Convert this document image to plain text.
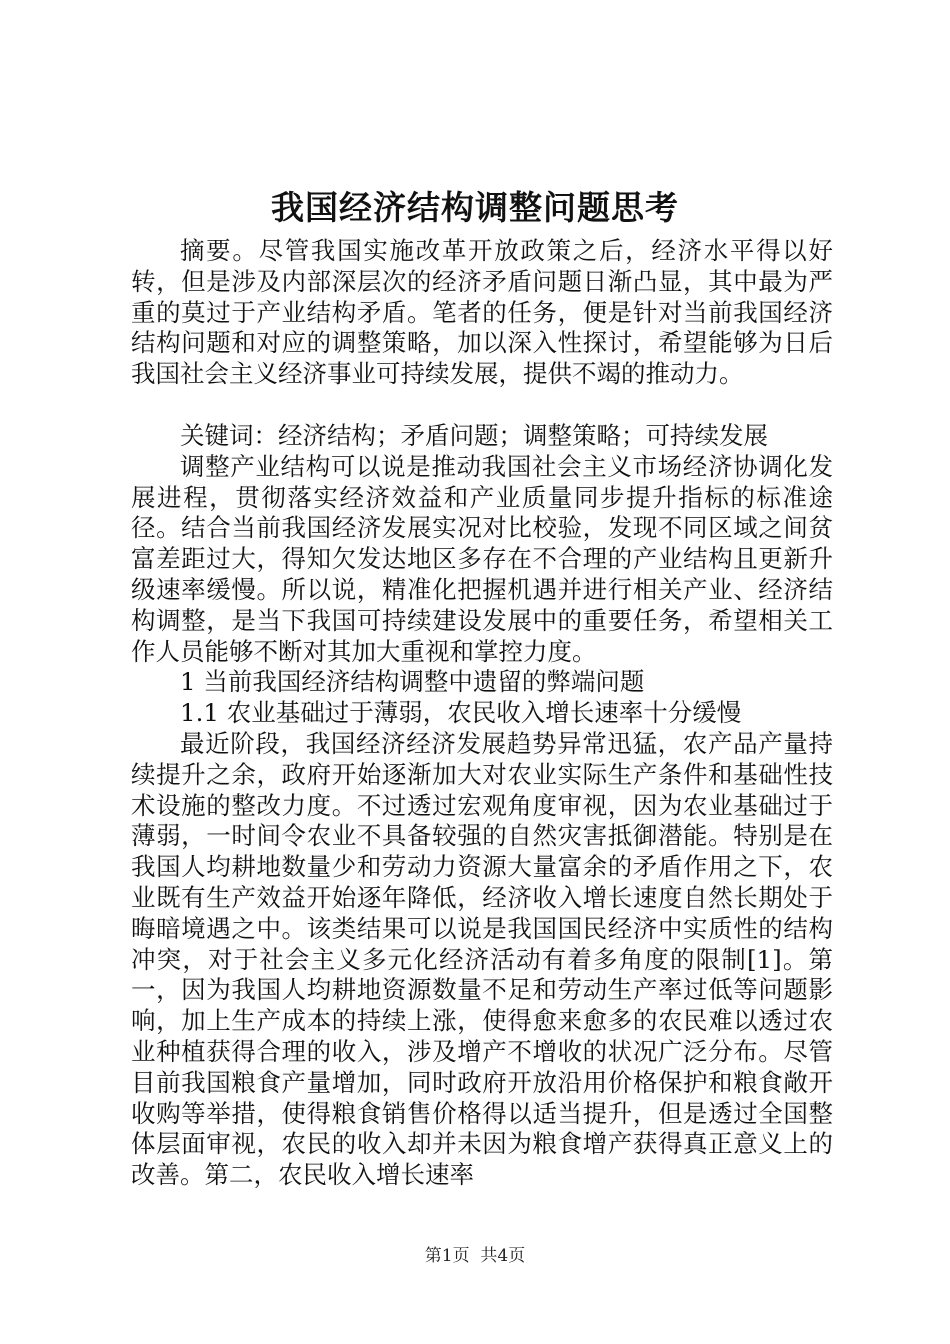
我国经济结构调整问题思考

摘要。尽管我国实施改革开放政策之后，经济水平得以好转，但是涉及内部深层次的经济矛盾问题日渐凸显，其中最为严重的莫过于产业结构矛盾。笔者的任务，便是针对当前我国经济结构问题和对应的调整策略，加以深入性探讨，希望能够为日后我国社会主义经济事业可持续发展，提供不竭的推动力。

关键词：经济结构；矛盾问题；调整策略；可持续发展

调整产业结构可以说是推动我国社会主义市场经济协调化发展进程，贯彻落实经济效益和产业质量同步提升指标的标准途径。结合当前我国经济发展实况对比校验，发现不同区域之间贫富差距过大，得知欠发达地区多存在不合理的产业结构且更新升级速率缓慢。所以说，精准化把握机遇并进行相关产业、经济结构调整，是当下我国可持续建设发展中的重要任务，希望相关工作人员能够不断对其加大重视和掌控力度。

1 当前我国经济结构调整中遗留的弊端问题

1.1 农业基础过于薄弱，农民收入增长速率十分缓慢

最近阶段，我国经济经济发展趋势异常迅猛，农产品产量持续提升之余，政府开始逐渐加大对农业实际生产条件和基础性技术设施的整改力度。不过透过宏观角度审视，因为农业基础过于薄弱，一时间令农业不具备较强的自然灾害抵御潜能。特别是在我国人均耕地数量少和劳动力资源大量富余的矛盾作用之下，农业既有生产效益开始逐年降低，经济收入增长速度自然长期处于晦暗境遇之中。该类结果可以说是我国国民经济中实质性的结构冲突，对于社会主义多元化经济活动有着多角度的限制[1]。第一，因为我国人均耕地资源数量不足和劳动生产率过低等问题影响，加上生产成本的持续上涨，使得愈来愈多的农民难以透过农业种植获得合理的收入，涉及增产不增收的状况广泛分布。尽管目前我国粮食产量增加，同时政府开放沿用价格保护和粮食敞开收购等举措，使得粮食销售价格得以适当提升，但是透过全国整体层面审视，农民的收入却并未因为粮食增产获得真正意义上的改善。第二，农民收入增长速率

第1页  共4页
